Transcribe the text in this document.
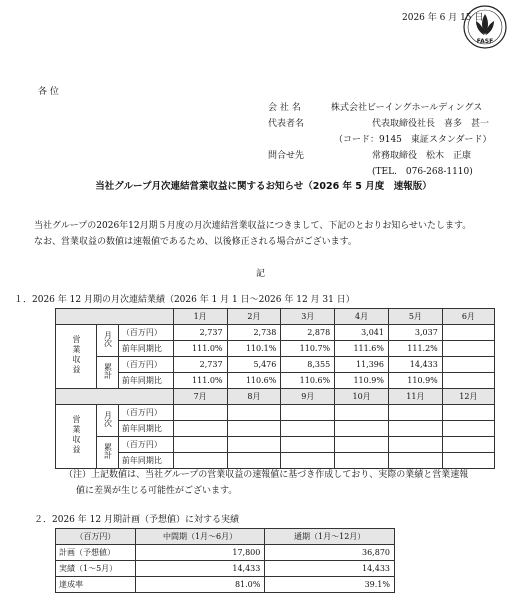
FASF
2026 年 6 月 15 日
各 位
会 社 名	株式会社ビーイングホールディングス
代表者名	代表取締役社長　喜多　甚一
（コード：9145　東証スタンダード）
問合せ先	常務取締役　松木　正康
(TEL.　076-268-1110)
当社グループ月次連結営業収益に関するお知らせ（2026 年 5 月度　速報版）
当社グループの2026年12月期５月度の月次連結営業収益につきまして、下記のとおりお知らせいたします。
なお、営業収益の数値は速報値であるため、以後修正される場合がございます。
記
１．2026 年 12 月期の月次連結業績（2026 年 1 月 1 日～2026 年 12 月 31 日）
			1月	2月	3月	4月	5月	6月
営業収益	月次	（百万円）	2,737	2,738	2,878	3,041	3,037	
		前年同期比	111.0%	110.1%	110.7%	111.6%	111.2%	
	累計	（百万円）	2,737	5,476	8,355	11,396	14,433	
		前年同期比	111.0%	110.6%	110.6%	110.9%	110.9%	
			7月	8月	9月	10月	11月	12月
営業収益	月次	（百万円）						
		前年同期比						
	累計	（百万円）						
		前年同期比						
（注）上記数値は、当社グループの営業収益の速報値に基づき作成しており、実際の業績と営業速報
値に差異が生じる可能性がございます。
２．2026 年 12 月期計画（予想値）に対する実績
（百万円）	中間期（1月～6月）	通期（1月～12月）
計画（予想値）	17,800	36,870
実績（1～5月）	14,433	14,433
達成率	81.0%	39.1%
